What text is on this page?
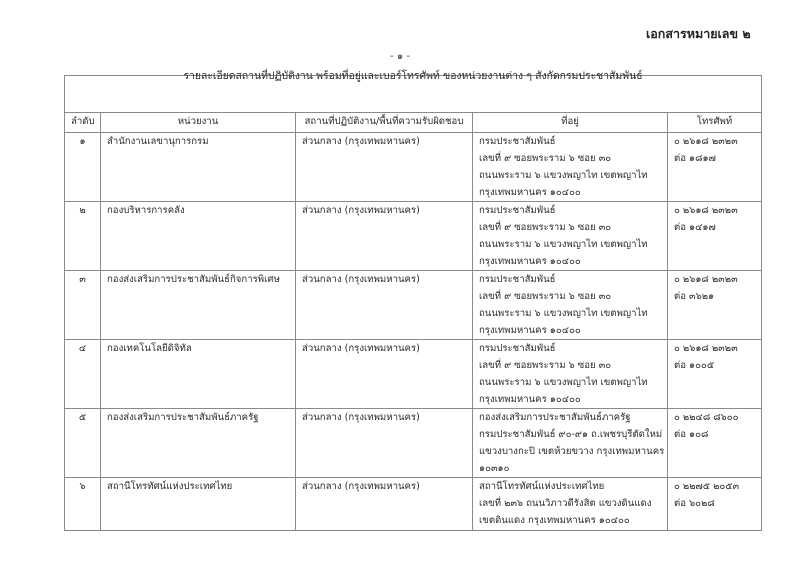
เอกสารหมายเลข ๒
- ๑ -
รายละเอียดสถานที่ปฏิบัติงาน พร้อมที่อยู่และเบอร์โทรศัพท์ ของหน่วยงานต่าง ๆ สังกัดกรมประชาสัมพันธ์				
ลำดับ	หน่วยงาน	สถานที่ปฏิบัติงาน/พื้นที่ความรับผิดชอบ	ที่อยู่	โทรศัพท์
๑	สำนักงานเลขานุการกรม	ส่วนกลาง (กรุงเทพมหานคร)	กรมประชาสัมพันธ์
เลขที่ ๙ ซอยพระราม ๖ ซอย ๓๐
ถนนพระราม ๖ แขวงพญาไท เขตพญาไท
กรุงเทพมหานคร ๑๐๔๐๐	๐ ๒๖๑๘ ๒๓๒๓
ต่อ ๑๘๑๗

๒	กองบริหารการคลัง	ส่วนกลาง (กรุงเทพมหานคร)	กรมประชาสัมพันธ์
เลขที่ ๙ ซอยพระราม ๖ ซอย ๓๐
ถนนพระราม ๖ แขวงพญาไท เขตพญาไท
กรุงเทพมหานคร ๑๐๔๐๐	๐ ๒๖๑๘ ๒๓๒๓
ต่อ ๑๔๑๗

๓	กองส่งเสริมการประชาสัมพันธ์กิจการพิเศษ	ส่วนกลาง (กรุงเทพมหานคร)	กรมประชาสัมพันธ์
เลขที่ ๙ ซอยพระราม ๖ ซอย ๓๐
ถนนพระราม ๖ แขวงพญาไท เขตพญาไท
กรุงเทพมหานคร ๑๐๔๐๐	๐ ๒๖๑๘ ๒๓๒๓
ต่อ ๓๖๒๑

๔	กองเทคโนโลยีดิจิทัล	ส่วนกลาง (กรุงเทพมหานคร)	กรมประชาสัมพันธ์
เลขที่ ๙ ซอยพระราม ๖ ซอย ๓๐
ถนนพระราม ๖ แขวงพญาไท เขตพญาไท
กรุงเทพมหานคร ๑๐๔๐๐	๐ ๒๖๑๘ ๒๓๒๓
ต่อ ๑๐๐๕

๕	กองส่งเสริมการประชาสัมพันธ์ภาครัฐ	ส่วนกลาง (กรุงเทพมหานคร)	กองส่งเสริมการประชาสัมพันธ์ภาครัฐ
กรมประชาสัมพันธ์ ๙๐-๙๑ ถ.เพชรบุรีตัดใหม่
แขวงบางกะปิ เขตห้วยขวาง กรุงเทพมหานคร
๑๐๓๑๐	๐ ๒๒๔๘ ๘๖๐๐
ต่อ ๑๐๘

๖	สถานีโทรทัศน์แห่งประเทศไทย	ส่วนกลาง (กรุงเทพมหานคร)	สถานีโทรทัศน์แห่งประเทศไทย
เลขที่ ๒๓๖ ถนนวิภาวดีรังสิต แขวงดินแดง
เขตดินแดง กรุงเทพมหานคร ๑๐๔๐๐	๐ ๒๒๗๕ ๒๐๕๓
ต่อ ๖๐๒๘
